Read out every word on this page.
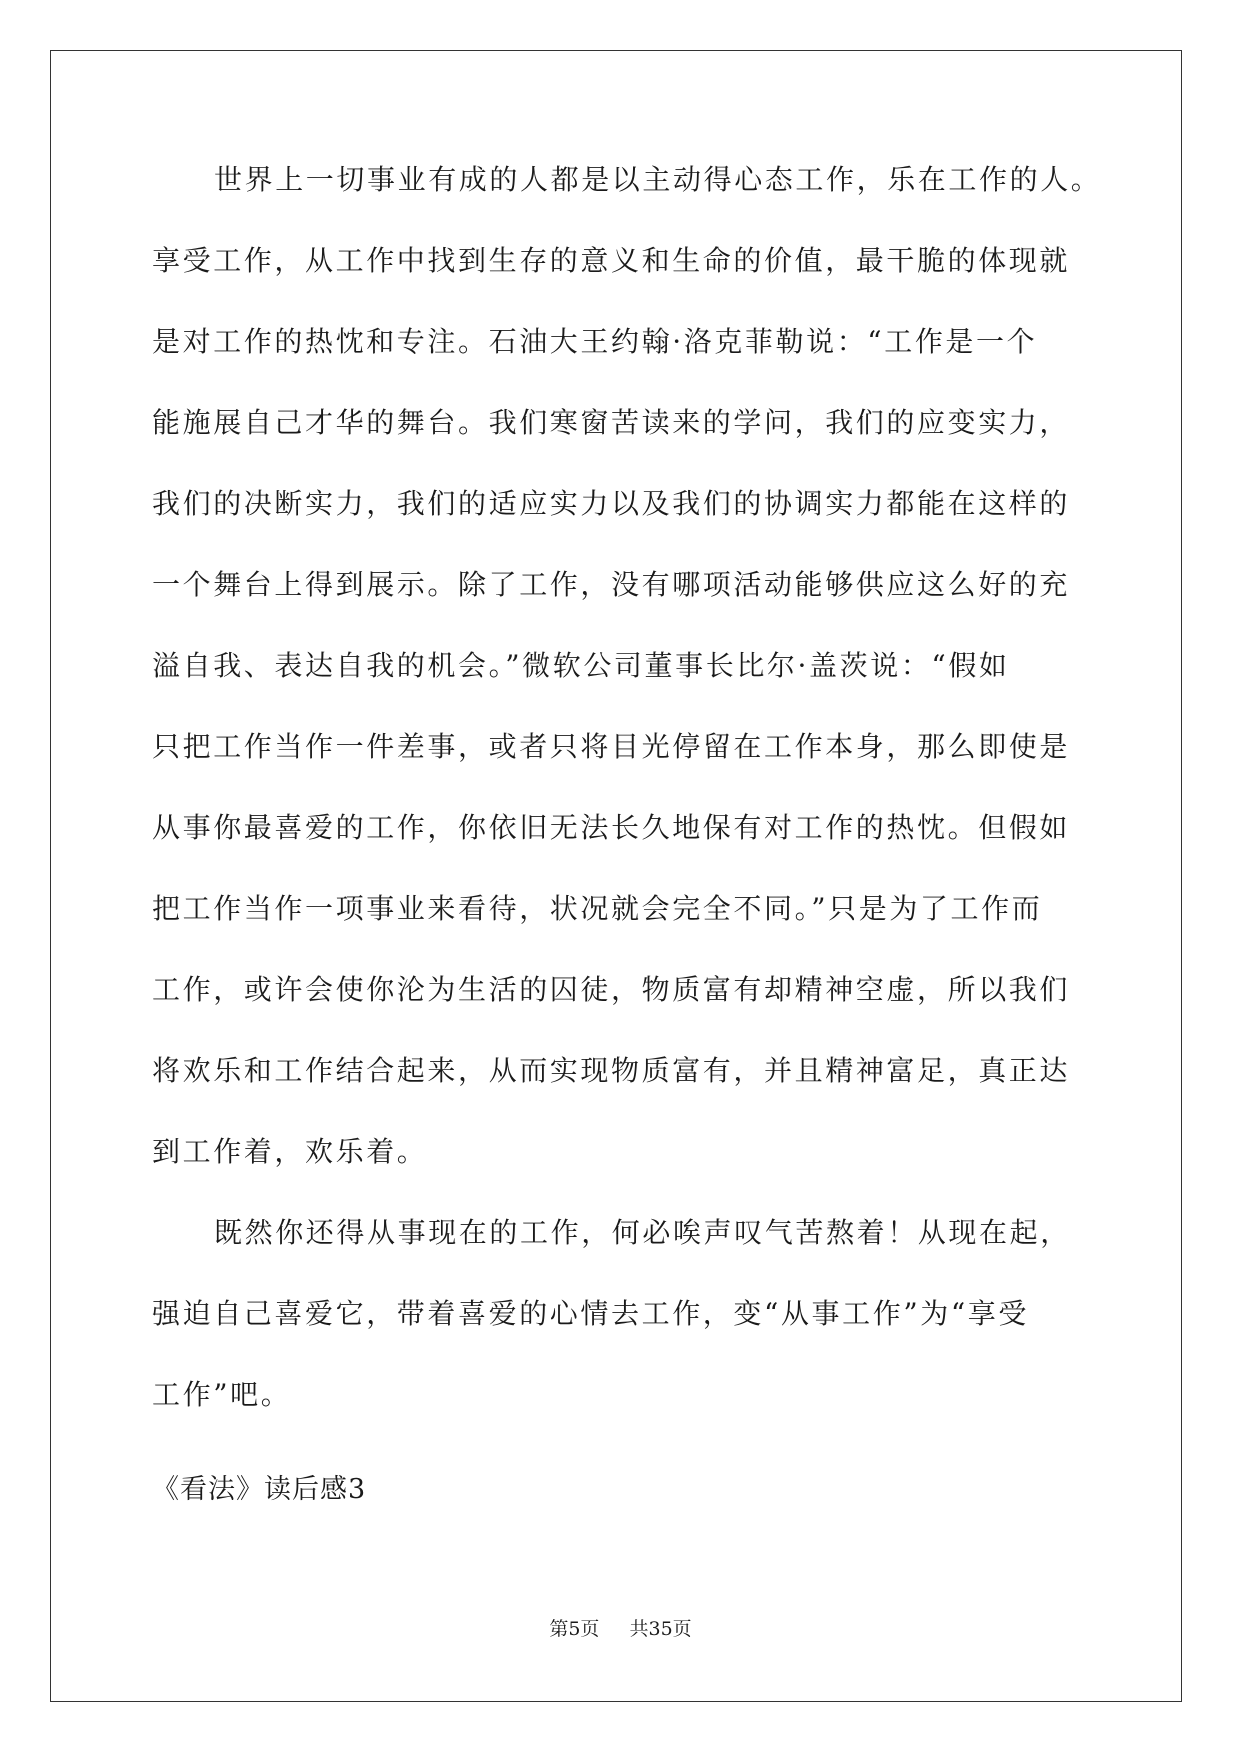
世界上一切事业有成的人都是以主动得心态工作，乐在工作的人。
享受工作，从工作中找到生存的意义和生命的价值，最干脆的体现就
是对工作的热忱和专注。石油大王约翰·洛克菲勒说：“工作是一个
能施展自己才华的舞台。我们寒窗苦读来的学问，我们的应变实力，
我们的决断实力，我们的适应实力以及我们的协调实力都能在这样的
一个舞台上得到展示。除了工作，没有哪项活动能够供应这么好的充
溢自我、表达自我的机会。”微软公司董事长比尔·盖茨说：“假如
只把工作当作一件差事，或者只将目光停留在工作本身，那么即使是
从事你最喜爱的工作，你依旧无法长久地保有对工作的热忱。但假如
把工作当作一项事业来看待，状况就会完全不同。”只是为了工作而
工作，或许会使你沦为生活的囚徒，物质富有却精神空虚，所以我们
将欢乐和工作结合起来，从而实现物质富有，并且精神富足，真正达
到工作着，欢乐着。
既然你还得从事现在的工作，何必唉声叹气苦熬着！从现在起，
强迫自己喜爱它，带着喜爱的心情去工作，变“从事工作”为“享受
工作”吧。
《看法》读后感3
第5页 共35页
